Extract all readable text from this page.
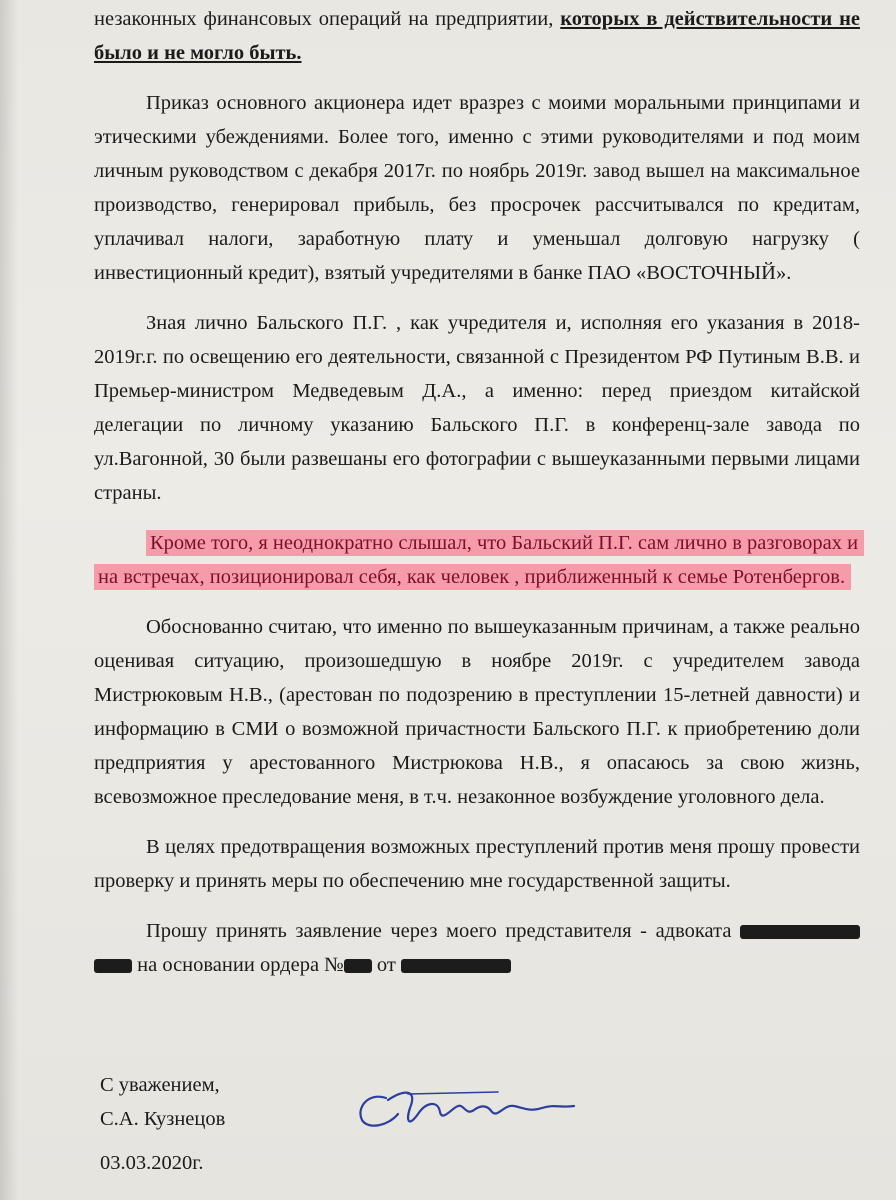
незаконных финансовых операций на предприятии, которых в действительности не было и не могло быть.

Приказ основного акционера идет вразрез с моими моральными принципами и этическими убеждениями. Более того, именно с этими руководителями и под моим личным руководством с декабря 2017г. по ноябрь 2019г. завод вышел на максимальное производство, генерировал прибыль, без просрочек рассчитывался по кредитам, уплачивал налоги, заработную плату и уменьшал долговую нагрузку ( инвестиционный кредит), взятый учредителями в банке ПАО «ВОСТОЧНЫЙ».

Зная лично Бальского П.Г. , как учредителя и, исполняя его указания в 2018-2019г.г. по освещению его деятельности, связанной с Президентом РФ Путиным В.В. и Премьер-министром Медведевым Д.А., а именно: перед приездом китайской делегации по личному указанию Бальского П.Г. в конференц-зале завода по ул.Вагонной, 30 были развешаны его фотографии с вышеуказанными первыми лицами страны.

Кроме того, я неоднократно слышал, что Бальский П.Г. сам лично в разговорах и на встречах, позиционировал себя, как человек , приближенный к семье Ротенбергов.

Обоснованно считаю, что именно по вышеуказанным причинам, а также реально оценивая ситуацию, произошедшую в ноябре 2019г. с учредителем завода Мистрюковым Н.В., (арестован по подозрению в преступлении 15-летней давности) и информацию в СМИ о возможной причастности Бальского П.Г. к приобретению доли предприятия у арестованного Мистрюкова Н.В., я опасаюсь за свою жизнь, всевозможное преследование меня, в т.ч. незаконное возбуждение уголовного дела.

В целях предотвращения возможных преступлений против меня прошу провести проверку и принять меры по обеспечению мне государственной защиты.

Прошу принять заявление через моего представителя - адвоката   на основании ордера № от

С уважением,
С.А. Кузнецов
03.03.2020г.
